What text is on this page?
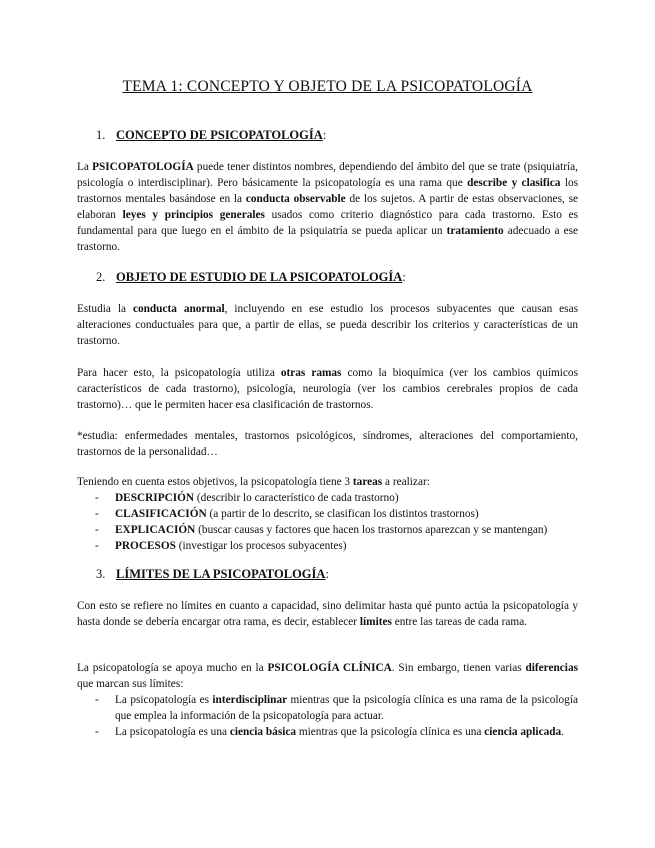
TEMA 1: CONCEPTO Y OBJETO DE LA PSICOPATOLOGÍA
1. CONCEPTO DE PSICOPATOLOGÍA:
La PSICOPATOLOGÍA puede tener distintos nombres, dependiendo del ámbito del que se trate (psiquiatría, psicología o interdisciplinar). Pero básicamente la psicopatología es una rama que describe y clasifica los trastornos mentales basándose en la conducta observable de los sujetos. A partir de estas observaciones, se elaboran leyes y principios generales usados como criterio diagnóstico para cada trastorno. Esto es fundamental para que luego en el ámbito de la psiquiatría se pueda aplicar un tratamiento adecuado a ese trastorno.
2. OBJETO DE ESTUDIO DE LA PSICOPATOLOGÍA:
Estudia la conducta anormal, incluyendo en ese estudio los procesos subyacentes que causan esas alteraciones conductuales para que, a partir de ellas, se pueda describir los criterios y características de un trastorno.
Para hacer esto, la psicopatología utiliza otras ramas como la bioquímica (ver los cambios químicos característicos de cada trastorno), psicología, neurología (ver los cambios cerebrales propios de cada trastorno)… que le permiten hacer esa clasificación de trastornos.
*estudia: enfermedades mentales, trastornos psicológicos, síndromes, alteraciones del comportamiento, trastornos de la personalidad…
Teniendo en cuenta estos objetivos, la psicopatología tiene 3 tareas a realizar:
- DESCRIPCIÓN (describir lo característico de cada trastorno)
- CLASIFICACIÓN (a partir de lo descrito, se clasifican los distintos trastornos)
- EXPLICACIÓN (buscar causas y factores que hacen los trastornos aparezcan y se mantengan)
- PROCESOS (investigar los procesos subyacentes)
3. LÍMITES DE LA PSICOPATOLOGÍA:
Con esto se refiere no límites en cuanto a capacidad, sino delimitar hasta qué punto actúa la psicopatología y hasta donde se debería encargar otra rama, es decir, establecer límites entre las tareas de cada rama.
La psicopatología se apoya mucho en la PSICOLOGÍA CLÍNICA. Sin embargo, tienen varias diferencias que marcan sus límites:
- La psicopatología es interdisciplinar mientras que la psicología clínica es una rama de la psicología que emplea la información de la psicopatología para actuar.
- La psicopatología es una ciencia básica mientras que la psicología clínica es una ciencia aplicada.
